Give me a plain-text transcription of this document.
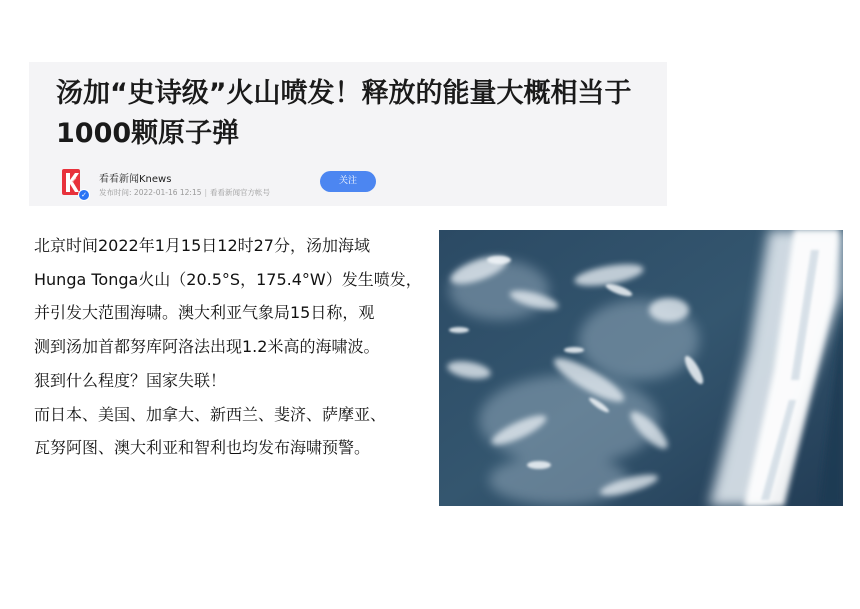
汤加“史诗级”火山喷发！释放的能量大概相当于
1000颗原子弹
✓
看看新闻Knews
发布时间: 2022-01-16 12:15 | 看看新闻官方帐号
关注

北京时间2022年1月15日12时27分，汤加海域

Hunga Tonga火山（20.5°S，175.4°W）发生喷发，

并引发大范围海啸。澳大利亚气象局15日称，观

测到汤加首都努库阿洛法出现1.2米高的海啸波。

狠到什么程度？国家失联！

而日本、美国、加拿大、新西兰、斐济、萨摩亚、

瓦努阿图、澳大利亚和智利也均发布海啸预警。
